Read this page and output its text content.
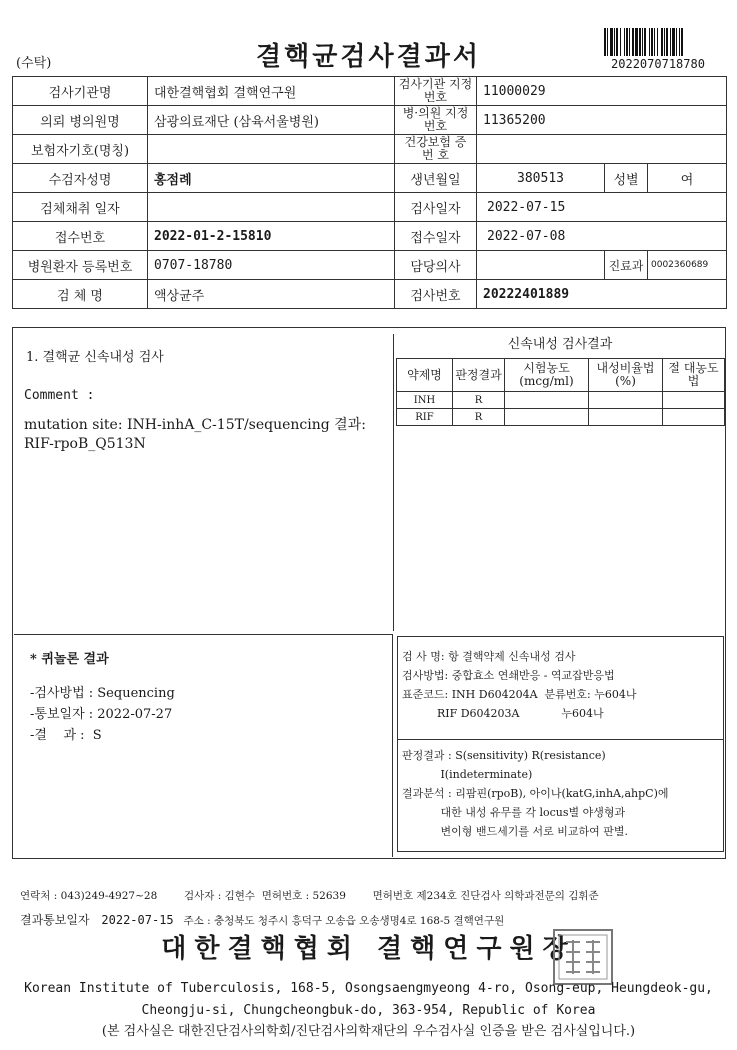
(수탁)	결핵균검사결과서	2022070718780
검사기관명	대한결핵협회 결핵연구원	검사기관 지정번호	11000029		
의뢰 병의원명	삼광의료재단 (삼육서울병원)	병·의원 지정번호	11365200		
보험자기호(명칭)		건강보험 증 번 호			
수검자성명	홍점례	생년월일	380513	성별	여
검체채취 일자		검사일자	2022-07-15		
접수번호	2022-01-2-15810	접수일자	2022-07-08		
병원환자 등록번호	0707-18780	담당의사		진료과	0002360689
검 체 명	액상균주	검사번호	20222401889		
1. 결핵균 신속내성 검사
Comment :
mutation site: INH-inhA_C-15T/sequencing 결과: RIF-rpoB_Q513N
신속내성 검사결과
약제명	판정결과	시험농도(mcg/ml)	내성비율법(%)	절 대농도법
INH	R			
RIF	R			
* 퀴놀론 결과
-검사방법 : Sequencing
-통보일자 : 2022-07-27
-결    과 : S
검 사 명: 항 결핵약제 신속내성 검사
검사방법: 중합효소 연쇄반응 - 역교잡반응법
표준코드: INH D604204A  분류번호: 누604나
RIF D604203A            누604나
판정결과 : S(sensitivity) R(resistance)
I(indeterminate)
결과분석 : 리팜핀(rpoB), 아이나(katG,inhA,ahpC)에
대한 내성 유무를 각 locus별 야생형과
변이형 밴드세기를 서로 비교하여 판별.
연락처 : 043)249-4927~28        검사자 : 김현수  면허번호 : 52639        면허번호 제234호 진단검사 의학과전문의 김휘준
결과통보일자 2022-07-15 주소 : 충청북도 청주시 흥덕구 오송읍 오송생명4로 168-5 결핵연구원
대한결핵협회 결핵연구원장
Korean Institute of Tuberculosis, 168-5, Osongsaengmyeong 4-ro, Osong-eup, Heungdeok-gu,
Cheongju-si, Chungcheongbuk-do, 363-954, Republic of Korea
(본 검사실은 대한진단검사의학회/진단검사의학재단의 우수검사실 인증을 받은 검사실입니다.)
